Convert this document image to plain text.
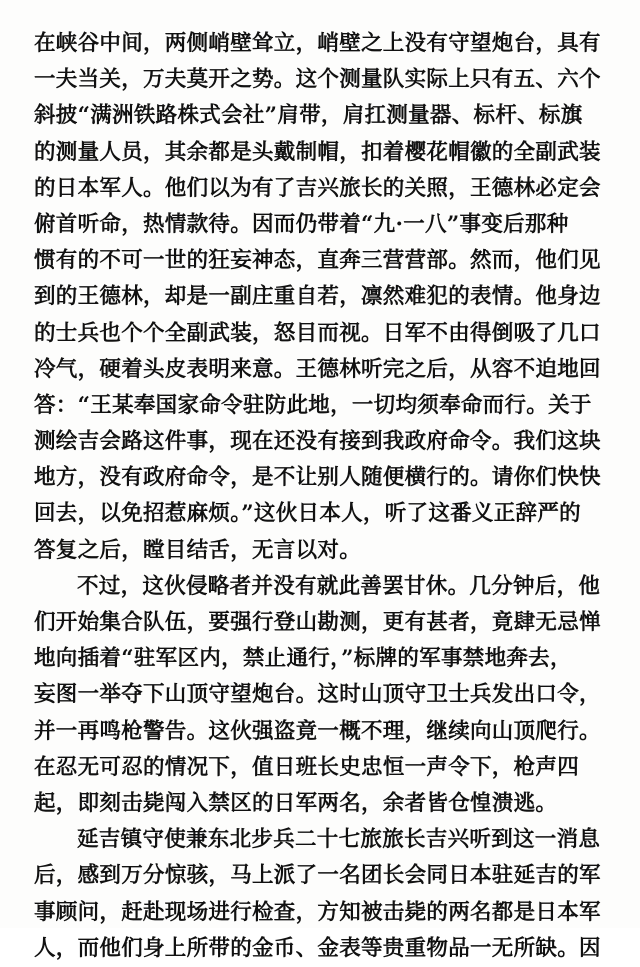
在峡谷中间，两侧峭壁耸立，峭壁之上没有守望炮台，具有
一夫当关，万夫莫开之势。这个测量队实际上只有五、六个
斜披“满洲铁路株式会社”肩带，肩扛测量器、标杆、标旗
的测量人员，其余都是头戴制帽，扣着樱花帽徽的全副武装
的日本军人。他们以为有了吉兴旅长的关照，王德林必定会
俯首听命，热情款待。因而仍带着“九·一八”事变后那种
惯有的不可一世的狂妄神态，直奔三营营部。然而，他们见
到的王德林，却是一副庄重自若，凛然难犯的表情。他身边
的士兵也个个全副武装，怒目而视。日军不由得倒吸了几口
冷气，硬着头皮表明来意。王德林听完之后，从容不迫地回
答：“王某奉国家命令驻防此地，一切均须奉命而行。关于
测绘吉会路这件事，现在还没有接到我政府命令。我们这块
地方，没有政府命令，是不让别人随便横行的。请你们快快
回去，以免招惹麻烦。”这伙日本人，听了这番义正辞严的
答复之后，瞠目结舌，无言以对。
不过，这伙侵略者并没有就此善罢甘休。几分钟后，他
们开始集合队伍，要强行登山勘测，更有甚者，竟肆无忌惮
地向插着“驻军区内，禁止通行，”标牌的军事禁地奔去，
妄图一举夺下山顶守望炮台。这时山顶守卫士兵发出口令，
并一再鸣枪警告。这伙强盗竟一概不理，继续向山顶爬行。
在忍无可忍的情况下，值日班长史忠恒一声令下，枪声四
起，即刻击毙闯入禁区的日军两名，余者皆仓惶溃逃。
延吉镇守使兼东北步兵二十七旅旅长吉兴听到这一消息
后，感到万分惊骇，马上派了一名团长会同日本驻延吉的军
事顾问，赶赴现场进行检查，方知被击毙的两名都是日本军
人，而他们身上所带的金币、金表等贵重物品一无所缺。因
